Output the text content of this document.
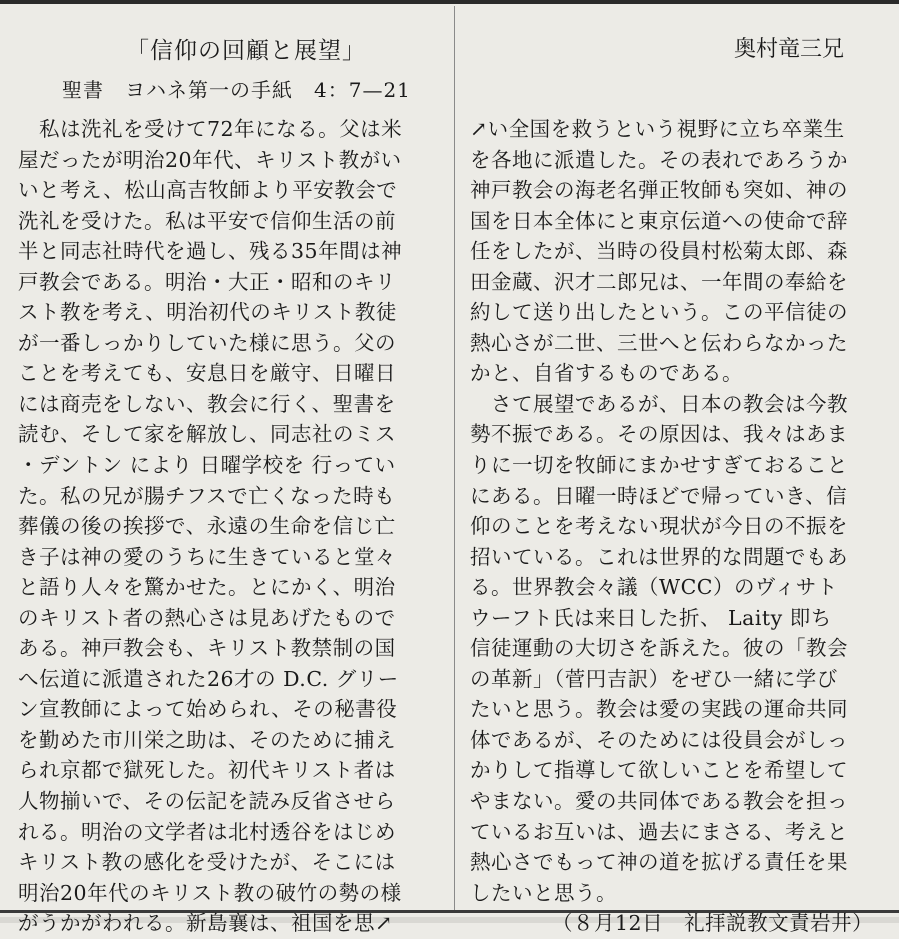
「信仰の回顧と展望」	奥村竜三兄
聖書　ヨハネ第一の手紙　4：7—21
　私は洗礼を受けて72年になる。父は米
屋だったが明治20年代、キリスト教がい
いと考え、松山高吉牧師より平安教会で
洗礼を受けた。私は平安で信仰生活の前
半と同志社時代を過し、残る35年間は神
戸教会である。明治・大正・昭和のキリ
スト教を考え、明治初代のキリスト教徒
が一番しっかりしていた様に思う。父の
ことを考えても、安息日を厳守、日曜日
には商売をしない、教会に行く、聖書を
読む、そして家を解放し、同志社のミス
・デントン により 日曜学校を 行ってい
た。私の兄が腸チフスで亡くなった時も
葬儀の後の挨拶で、永遠の生命を信じ亡
き子は神の愛のうちに生きていると堂々
と語り人々を驚かせた。とにかく、明治
のキリスト者の熱心さは見あげたもので
ある。神戸教会も、キリスト教禁制の国
へ伝道に派遣された26才の D.C. グリー
ン宣教師によって始められ、その秘書役
を勤めた市川栄之助は、そのために捕え
られ京都で獄死した。初代キリスト者は
人物揃いで、その伝記を読み反省させら
れる。明治の文学者は北村透谷をはじめ
キリスト教の感化を受けたが、そこには
明治20年代のキリスト教の破竹の勢の様
がうかがわれる。新島襄は、祖国を思↗
↗い全国を救うという視野に立ち卒業生
を各地に派遣した。その表れであろうか
神戸教会の海老名弾正牧師も突如、神の
国を日本全体にと東京伝道への使命で辞
任をしたが、当時の役員村松菊太郎、森
田金蔵、沢才二郎兄は、一年間の奉給を
約して送り出したという。この平信徒の
熱心さが二世、三世へと伝わらなかった
かと、自省するものである。
　さて展望であるが、日本の教会は今教
勢不振である。その原因は、我々はあま
りに一切を牧師にまかせすぎておること
にある。日曜一時ほどで帰っていき、信
仰のことを考えない現状が今日の不振を
招いている。これは世界的な問題でもあ
る。世界教会々議（WCC）のヴィサト
ウーフト氏は来日した折、 Laity 即ち
信徒運動の大切さを訴えた。彼の「教会
の革新」（菅円吉訳）をぜひ一緒に学び
たいと思う。教会は愛の実践の運命共同
体であるが、そのためには役員会がしっ
かりして指導して欲しいことを希望して
やまない。愛の共同体である教会を担っ
ているお互いは、過去にまさる、考えと
熱心さでもって神の道を拡げる責任を果
したいと思う。
（８月12日　礼拝説教文責岩井）
